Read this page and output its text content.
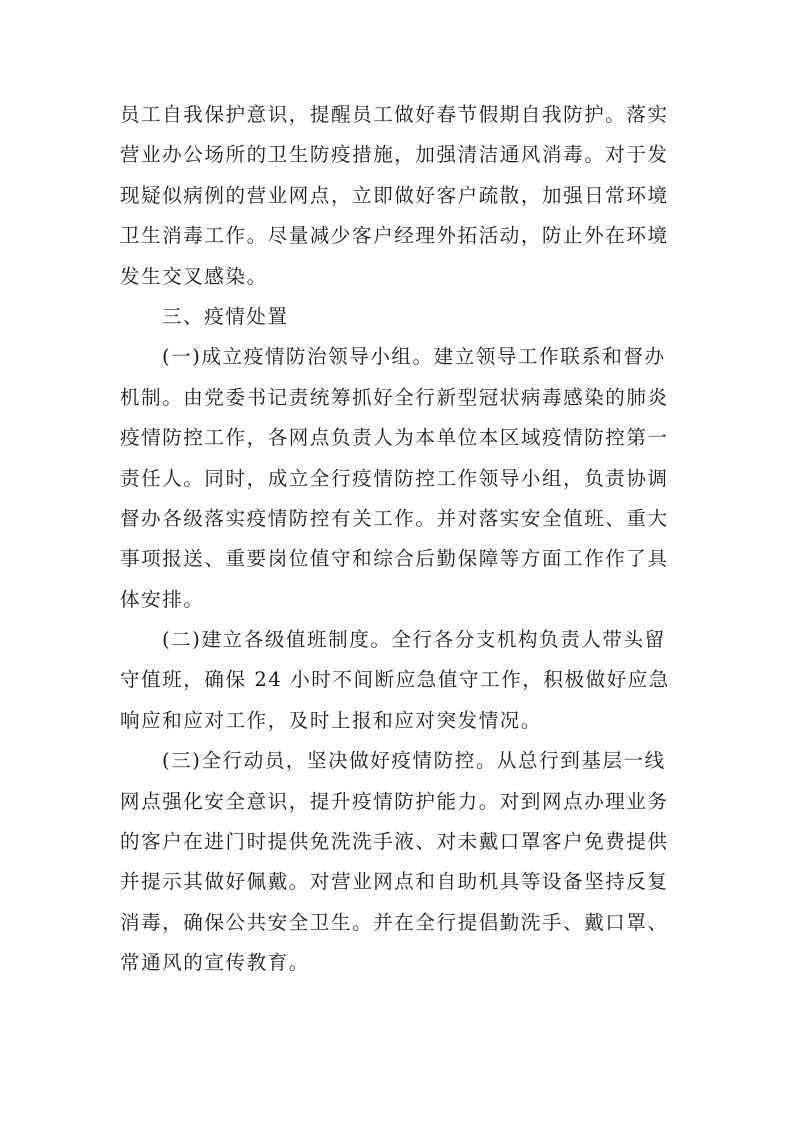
员工自我保护意识，提醒员工做好春节假期自我防护。落实
营业办公场所的卫生防疫措施，加强清洁通风消毒。对于发
现疑似病例的营业网点，立即做好客户疏散，加强日常环境
卫生消毒工作。尽量减少客户经理外拓活动，防止外在环境
发生交叉感染。
三、疫情处置
(一)成立疫情防治领导小组。建立领导工作联系和督办
机制。由党委书记责统筹抓好全行新型冠状病毒感染的肺炎
疫情防控工作，各网点负责人为本单位本区域疫情防控第一
责任人。同时，成立全行疫情防控工作领导小组，负责协调
督办各级落实疫情防控有关工作。并对落实安全值班、重大
事项报送、重要岗位值守和综合后勤保障等方面工作作了具
体安排。
(二)建立各级值班制度。全行各分支机构负责人带头留
守值班，确保 24 小时不间断应急值守工作，积极做好应急
响应和应对工作，及时上报和应对突发情况。
(三)全行动员，坚决做好疫情防控。从总行到基层一线
网点强化安全意识，提升疫情防护能力。对到网点办理业务
的客户在进门时提供免洗洗手液、对未戴口罩客户免费提供
并提示其做好佩戴。对营业网点和自助机具等设备坚持反复
消毒，确保公共安全卫生。并在全行提倡勤洗手、戴口罩、
常通风的宣传教育。
